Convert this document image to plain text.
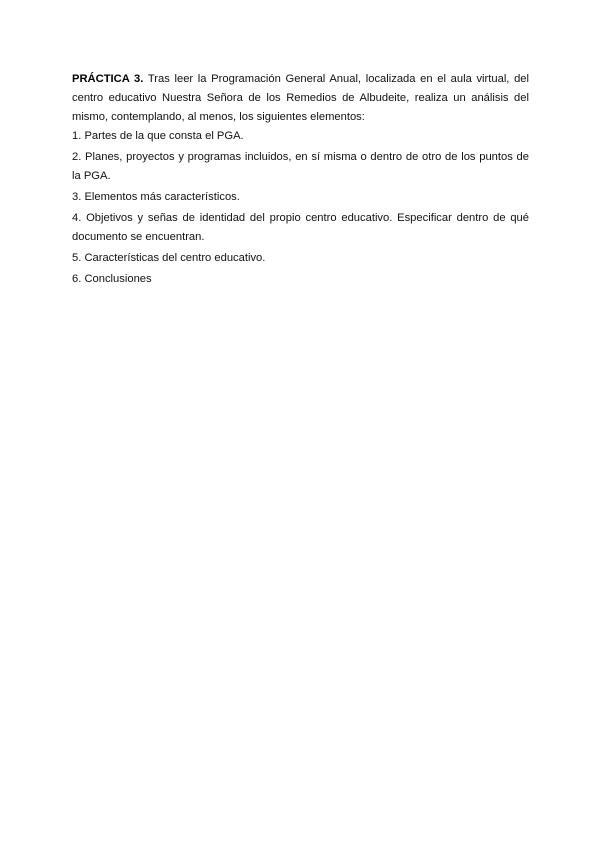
PRÁCTICA 3. Tras leer la Programación General Anual, localizada en el aula virtual, del centro educativo Nuestra Señora de los Remedios de Albudeite, realiza un análisis del mismo, contemplando, al menos, los siguientes elementos:

1. Partes de la que consta el PGA.
2. Planes, proyectos y programas incluidos, en sí misma o dentro de otro de los puntos de la PGA.
3. Elementos más característicos.
4. Objetivos y señas de identidad del propio centro educativo. Especificar dentro de qué documento se encuentran.
5. Características del centro educativo.
6. Conclusiones
